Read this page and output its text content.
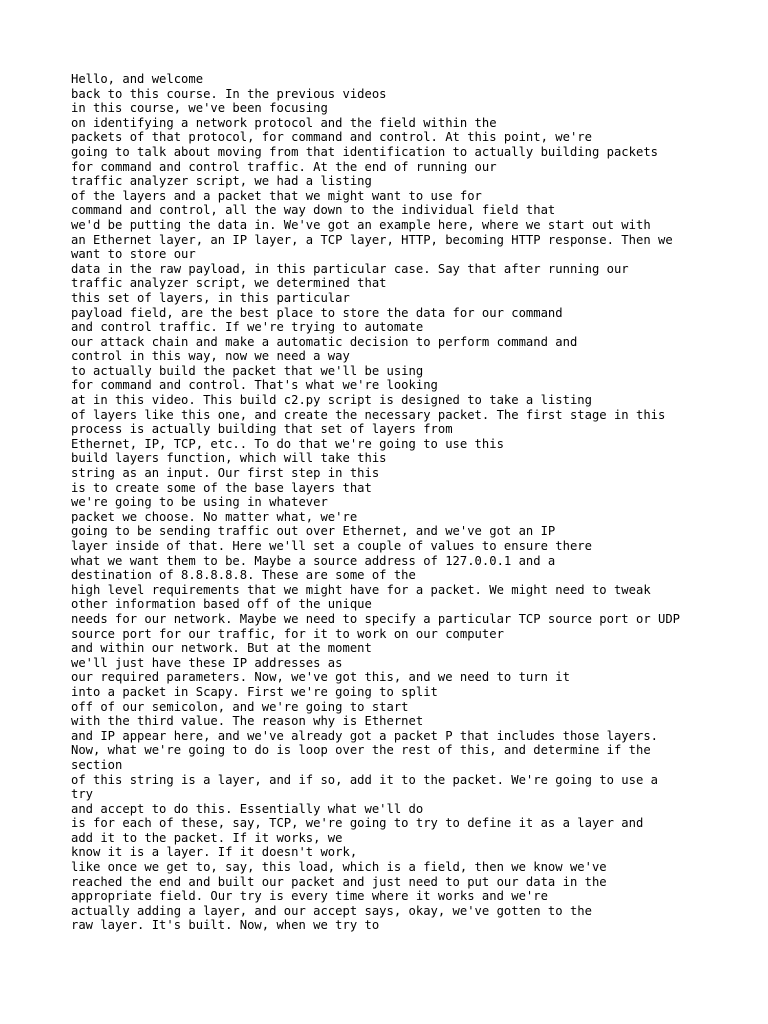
Hello, and welcome
back to this course. In the previous videos
in this course, we've been focusing
on identifying a network protocol and the field within the
packets of that protocol, for command and control. At this point, we're
going to talk about moving from that identification to actually building packets
for command and control traffic. At the end of running our
traffic analyzer script, we had a listing
of the layers and a packet that we might want to use for
command and control, all the way down to the individual field that
we'd be putting the data in. We've got an example here, where we start out with
an Ethernet layer, an IP layer, a TCP layer, HTTP, becoming HTTP response. Then we
want to store our
data in the raw payload, in this particular case. Say that after running our
traffic analyzer script, we determined that
this set of layers, in this particular
payload field, are the best place to store the data for our command
and control traffic. If we're trying to automate
our attack chain and make a automatic decision to perform command and
control in this way, now we need a way
to actually build the packet that we'll be using
for command and control. That's what we're looking
at in this video. This build c2.py script is designed to take a listing
of layers like this one, and create the necessary packet. The first stage in this
process is actually building that set of layers from
Ethernet, IP, TCP, etc.. To do that we're going to use this
build layers function, which will take this
string as an input. Our first step in this
is to create some of the base layers that
we're going to be using in whatever
packet we choose. No matter what, we're
going to be sending traffic out over Ethernet, and we've got an IP
layer inside of that. Here we'll set a couple of values to ensure there
what we want them to be. Maybe a source address of 127.0.0.1 and a
destination of 8.8.8.8.8. These are some of the
high level requirements that we might have for a packet. We might need to tweak
other information based off of the unique
needs for our network. Maybe we need to specify a particular TCP source port or UDP
source port for our traffic, for it to work on our computer
and within our network. But at the moment
we'll just have these IP addresses as
our required parameters. Now, we've got this, and we need to turn it
into a packet in Scapy. First we're going to split
off of our semicolon, and we're going to start
with the third value. The reason why is Ethernet
and IP appear here, and we've already got a packet P that includes those layers.
Now, what we're going to do is loop over the rest of this, and determine if the
section
of this string is a layer, and if so, add it to the packet. We're going to use a
try
and accept to do this. Essentially what we'll do
is for each of these, say, TCP, we're going to try to define it as a layer and
add it to the packet. If it works, we
know it is a layer. If it doesn't work,
like once we get to, say, this load, which is a field, then we know we've
reached the end and built our packet and just need to put our data in the
appropriate field. Our try is every time where it works and we're
actually adding a layer, and our accept says, okay, we've gotten to the
raw layer. It's built. Now, when we try to
